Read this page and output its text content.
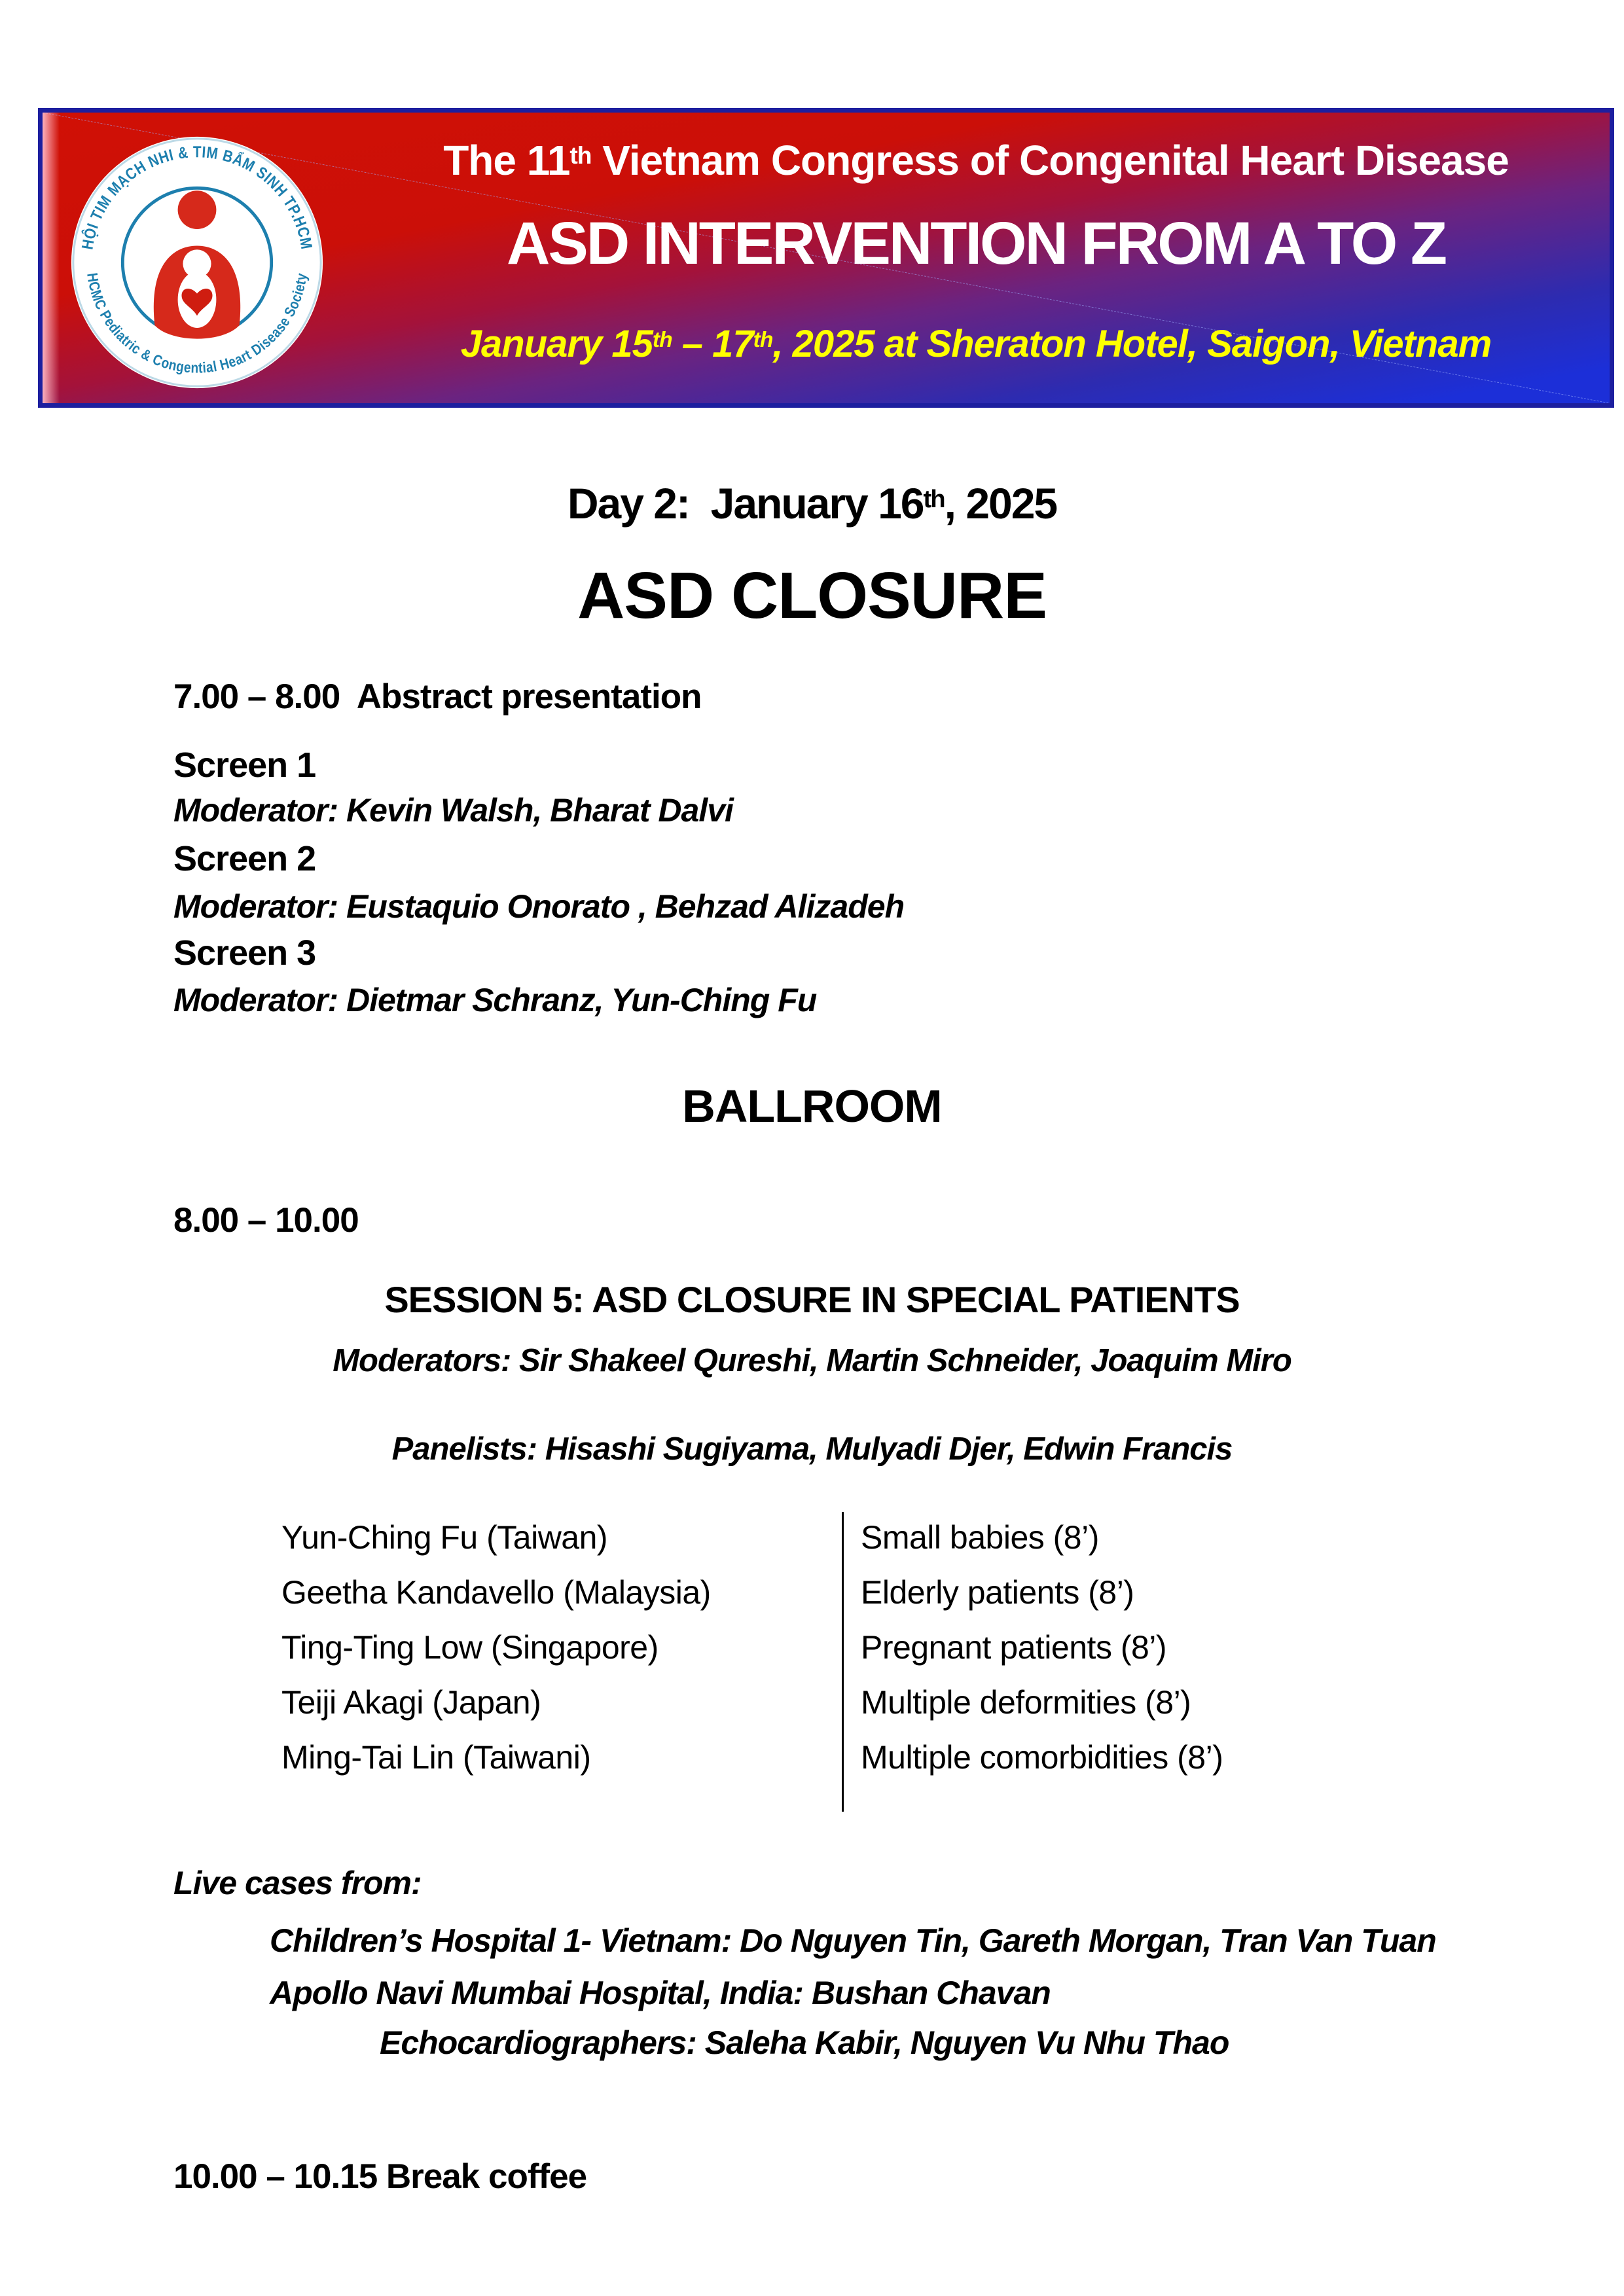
HỘI TIM MẠCH NHI & TIM BẨM SINH TP.HCM
HCMC Pediatric & Congential Heart Disease Society
The 11th Vietnam Congress of Congenital Heart Disease
ASD INTERVENTION FROM A TO Z
January 15th – 17th, 2025 at Sheraton Hotel, Saigon, Vietnam
Day 2:  January 16th, 2025
ASD CLOSURE
7.00 – 8.00  Abstract presentation
Screen 1
Moderator: Kevin Walsh, Bharat Dalvi
Screen 2
Moderator: Eustaquio Onorato , Behzad Alizadeh
Screen 3
Moderator: Dietmar Schranz, Yun-Ching Fu
BALLROOM
8.00 – 10.00
SESSION 5: ASD CLOSURE IN SPECIAL PATIENTS
Moderators: Sir Shakeel Qureshi, Martin Schneider, Joaquim Miro
Panelists: Hisashi Sugiyama, Mulyadi Djer, Edwin Francis
Yun-Ching Fu (Taiwan)	Small babies (8’)
Geetha Kandavello (Malaysia)	Elderly patients (8’)
Ting-Ting Low (Singapore)	Pregnant patients (8’)
Teiji Akagi (Japan)	Multiple deformities (8’)
Ming-Tai Lin (Taiwani)	Multiple comorbidities (8’)
Live cases from:
Children’s Hospital 1- Vietnam: Do Nguyen Tin, Gareth Morgan, Tran Van Tuan
Apollo Navi Mumbai Hospital, India: Bushan Chavan
Echocardiographers: Saleha Kabir, Nguyen Vu Nhu Thao
10.00 – 10.15 Break coffee
